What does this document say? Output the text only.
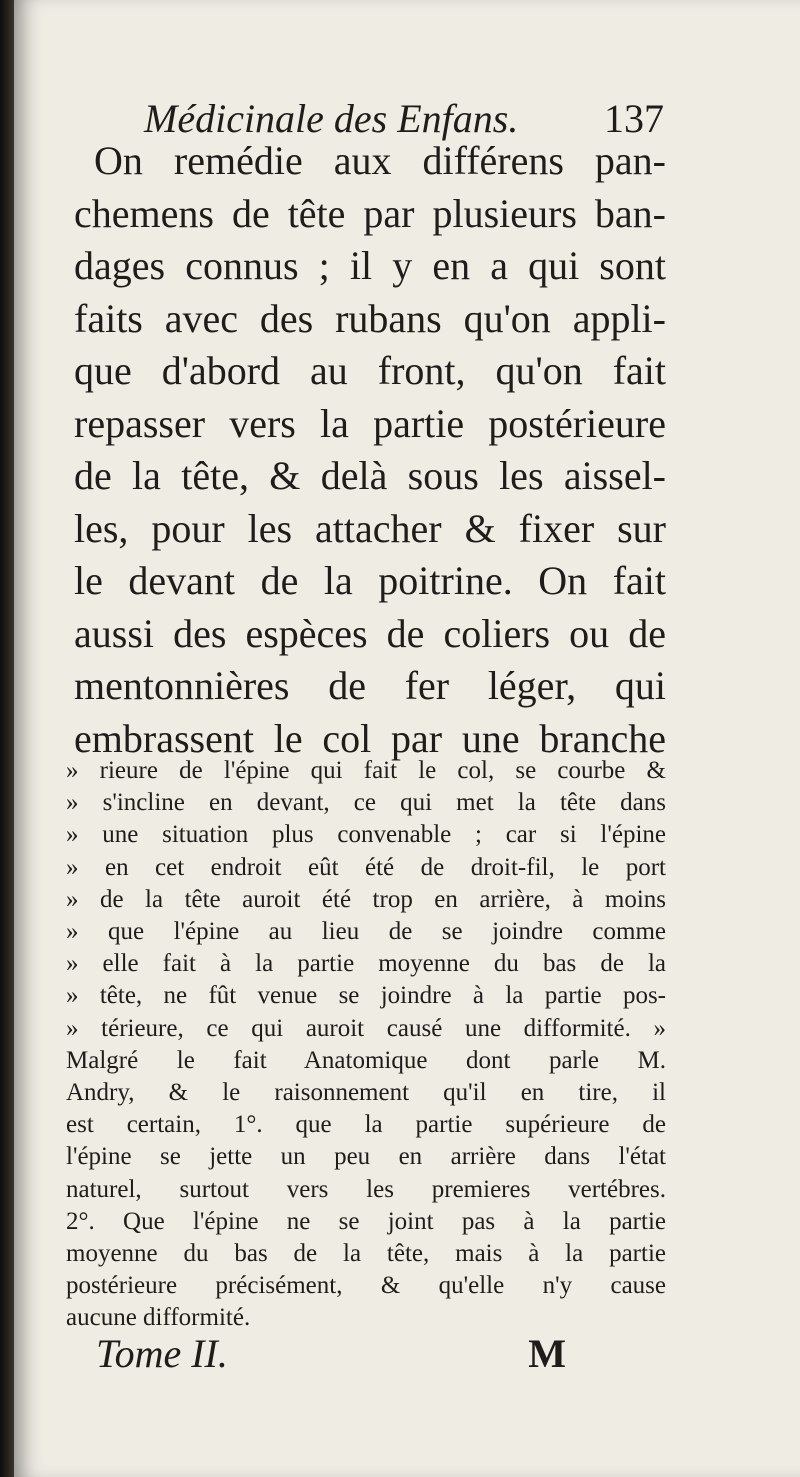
Médicinale des Enfans. 137
On remédie aux différens pan-
chemens de tête par plusieurs ban-
dages connus ; il y en a qui sont
faits avec des rubans qu'on appli-
que d'abord au front, qu'on fait
repasser vers la partie postérieure
de la tête, & delà sous les aissel-
les, pour les attacher & fixer sur
le devant de la poitrine. On fait
aussi des espèces de coliers ou de
mentonnières de fer léger, qui
embrassent le col par une branche
» rieure de l'épine qui fait le col, se courbe &
» s'incline en devant, ce qui met la tête dans
» une situation plus convenable ; car si l'épine
» en cet endroit eût été de droit-fil, le port
» de la tête auroit été trop en arrière, à moins
» que l'épine au lieu de se joindre comme
» elle fait à la partie moyenne du bas de la
» tête, ne fût venue se joindre à la partie pos-
» térieure, ce qui auroit causé une difformité. »
Malgré le fait Anatomique dont parle M.
Andry, & le raisonnement qu'il en tire, il
est certain, 1°. que la partie supérieure de
l'épine se jette un peu en arrière dans l'état
naturel, surtout vers les premieres vertébres.
2°. Que l'épine ne se joint pas à la partie
moyenne du bas de la tête, mais à la partie
postérieure précisément, & qu'elle n'y cause
aucune difformité.
Tome II.	M
